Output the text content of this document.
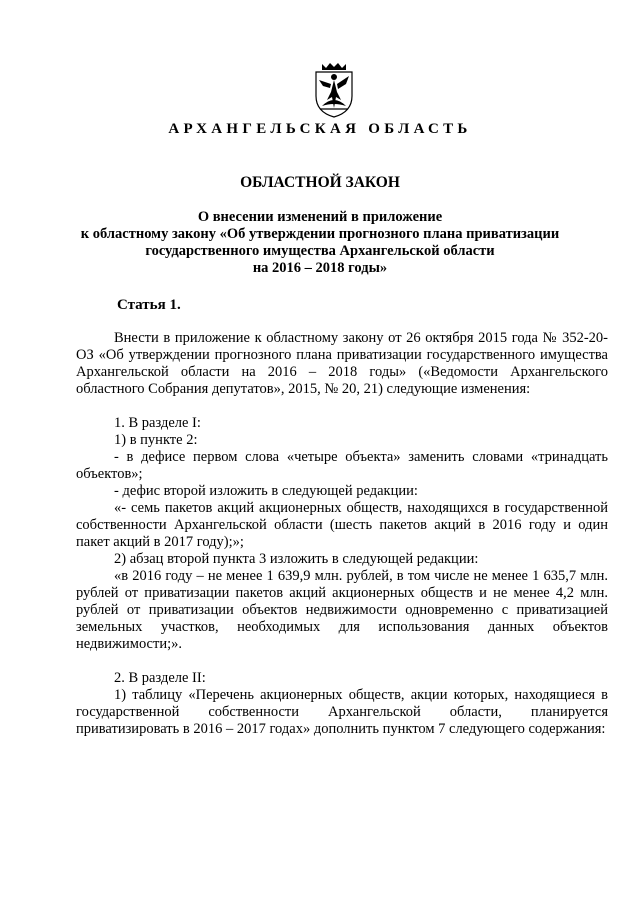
АРХАНГЕЛЬСКАЯ ОБЛАСТЬ
ОБЛАСТНОЙ ЗАКОН
О внесении изменений в приложение
к областному закону «Об утверждении прогнозного плана приватизации
государственного имущества Архангельской области
на 2016 – 2018 годы»
Статья 1.

Внести в приложение к областному закону от 26 октября 2015 года № 352-20-ОЗ «Об утверждении прогнозного плана приватизации государственного имущества Архангельской области на 2016 – 2018 годы» («Ведомости Архангельского областного Собрания депутатов», 2015, № 20, 21) следующие изменения:

1. В разделе I:

1) в пункте 2:

- в дефисе первом слова «четыре объекта» заменить словами «тринадцать объектов»;

- дефис второй изложить в следующей редакции:

«- семь пакетов акций акционерных обществ, находящихся в государственной собственности Архангельской области (шесть пакетов акций в 2016 году и один пакет акций в 2017 году);»;

2) абзац второй пункта 3 изложить в следующей редакции:

«в 2016 году – не менее 1 639,9 млн. рублей, в том числе не менее 1 635,7 млн. рублей от приватизации пакетов акций акционерных обществ и не менее 4,2 млн. рублей от приватизации объектов недвижимости одновременно с приватизацией земельных участков, необходимых для использования данных объектов недвижимости;».

2. В разделе II:

1) таблицу «Перечень акционерных обществ, акции которых, находящиеся в государственной собственности Архангельской области, планируется приватизировать в 2016 – 2017 годах» дополнить пунктом 7 следующего содержания:
